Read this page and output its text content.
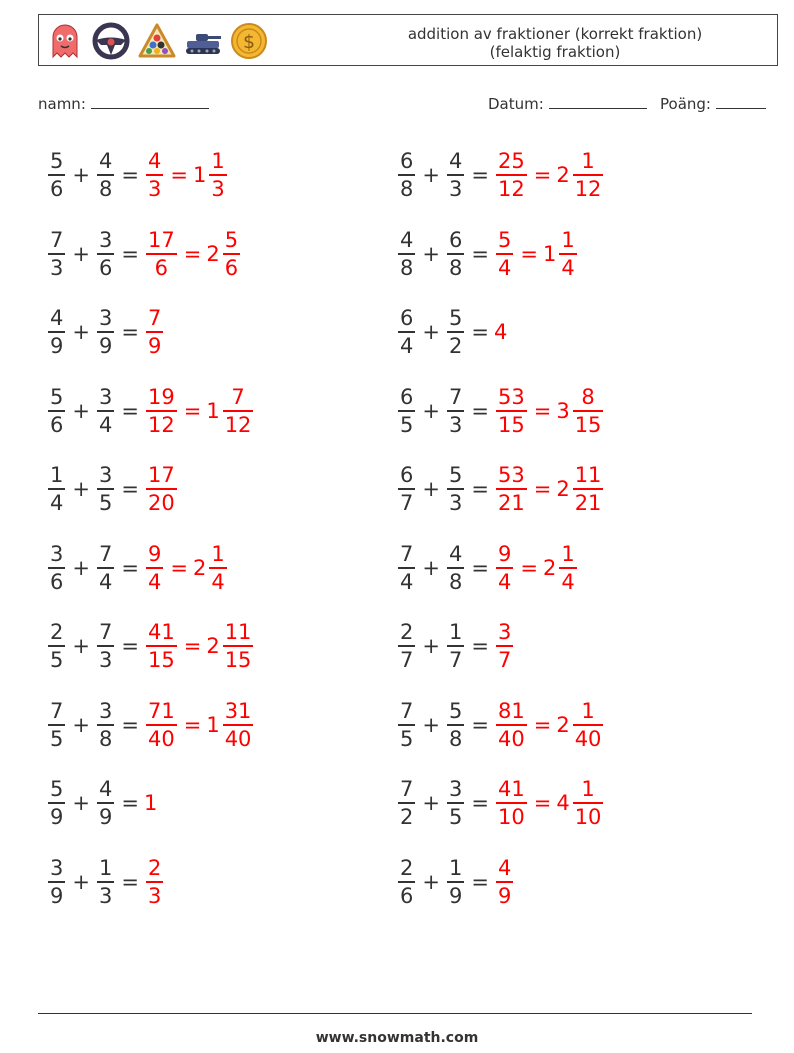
$	addition av fraktioner (korrekt fraktion)
(felaktig fraktion)
namn:	Datum:	Poäng:
$\frac{5}{6} + \frac{4}{8} = \frac{4}{3} = 1 \frac{1}{3}$
$\frac{7}{3} + \frac{3}{6} = \frac{17}{6} = 2 \frac{5}{6}$
$\frac{4}{9} + \frac{3}{9} = \frac{7}{9}$
$\frac{5}{6} + \frac{3}{4} = \frac{19}{12} = 1 \frac{7}{12}$
$\frac{1}{4} + \frac{3}{5} = \frac{17}{20}$
$\frac{3}{6} + \frac{7}{4} = \frac{9}{4} = 2 \frac{1}{4}$
$\frac{2}{5} + \frac{7}{3} = \frac{41}{15} = 2 \frac{11}{15}$
$\frac{7}{5} + \frac{3}{8} = \frac{71}{40} = 1 \frac{31}{40}$
$\frac{5}{9} + \frac{4}{9} = 1$
$\frac{3}{9} + \frac{1}{3} = \frac{2}{3}$
$\frac{6}{8} + \frac{4}{3} = \frac{25}{12} = 2 \frac{1}{12}$
$\frac{4}{8} + \frac{6}{8} = \frac{5}{4} = 1 \frac{1}{4}$
$\frac{6}{4} + \frac{5}{2} = 4$
$\frac{6}{5} + \frac{7}{3} = \frac{53}{15} = 3 \frac{8}{15}$
$\frac{6}{7} + \frac{5}{3} = \frac{53}{21} = 2 \frac{11}{21}$
$\frac{7}{4} + \frac{4}{8} = \frac{9}{4} = 2 \frac{1}{4}$
$\frac{2}{7} + \frac{1}{7} = \frac{3}{7}$
$\frac{7}{5} + \frac{5}{8} = \frac{81}{40} = 2 \frac{1}{40}$
$\frac{7}{2} + \frac{3}{5} = \frac{41}{10} = 4 \frac{1}{10}$
$\frac{2}{6} + \frac{1}{9} = \frac{4}{9}$
www.snowmath.com
